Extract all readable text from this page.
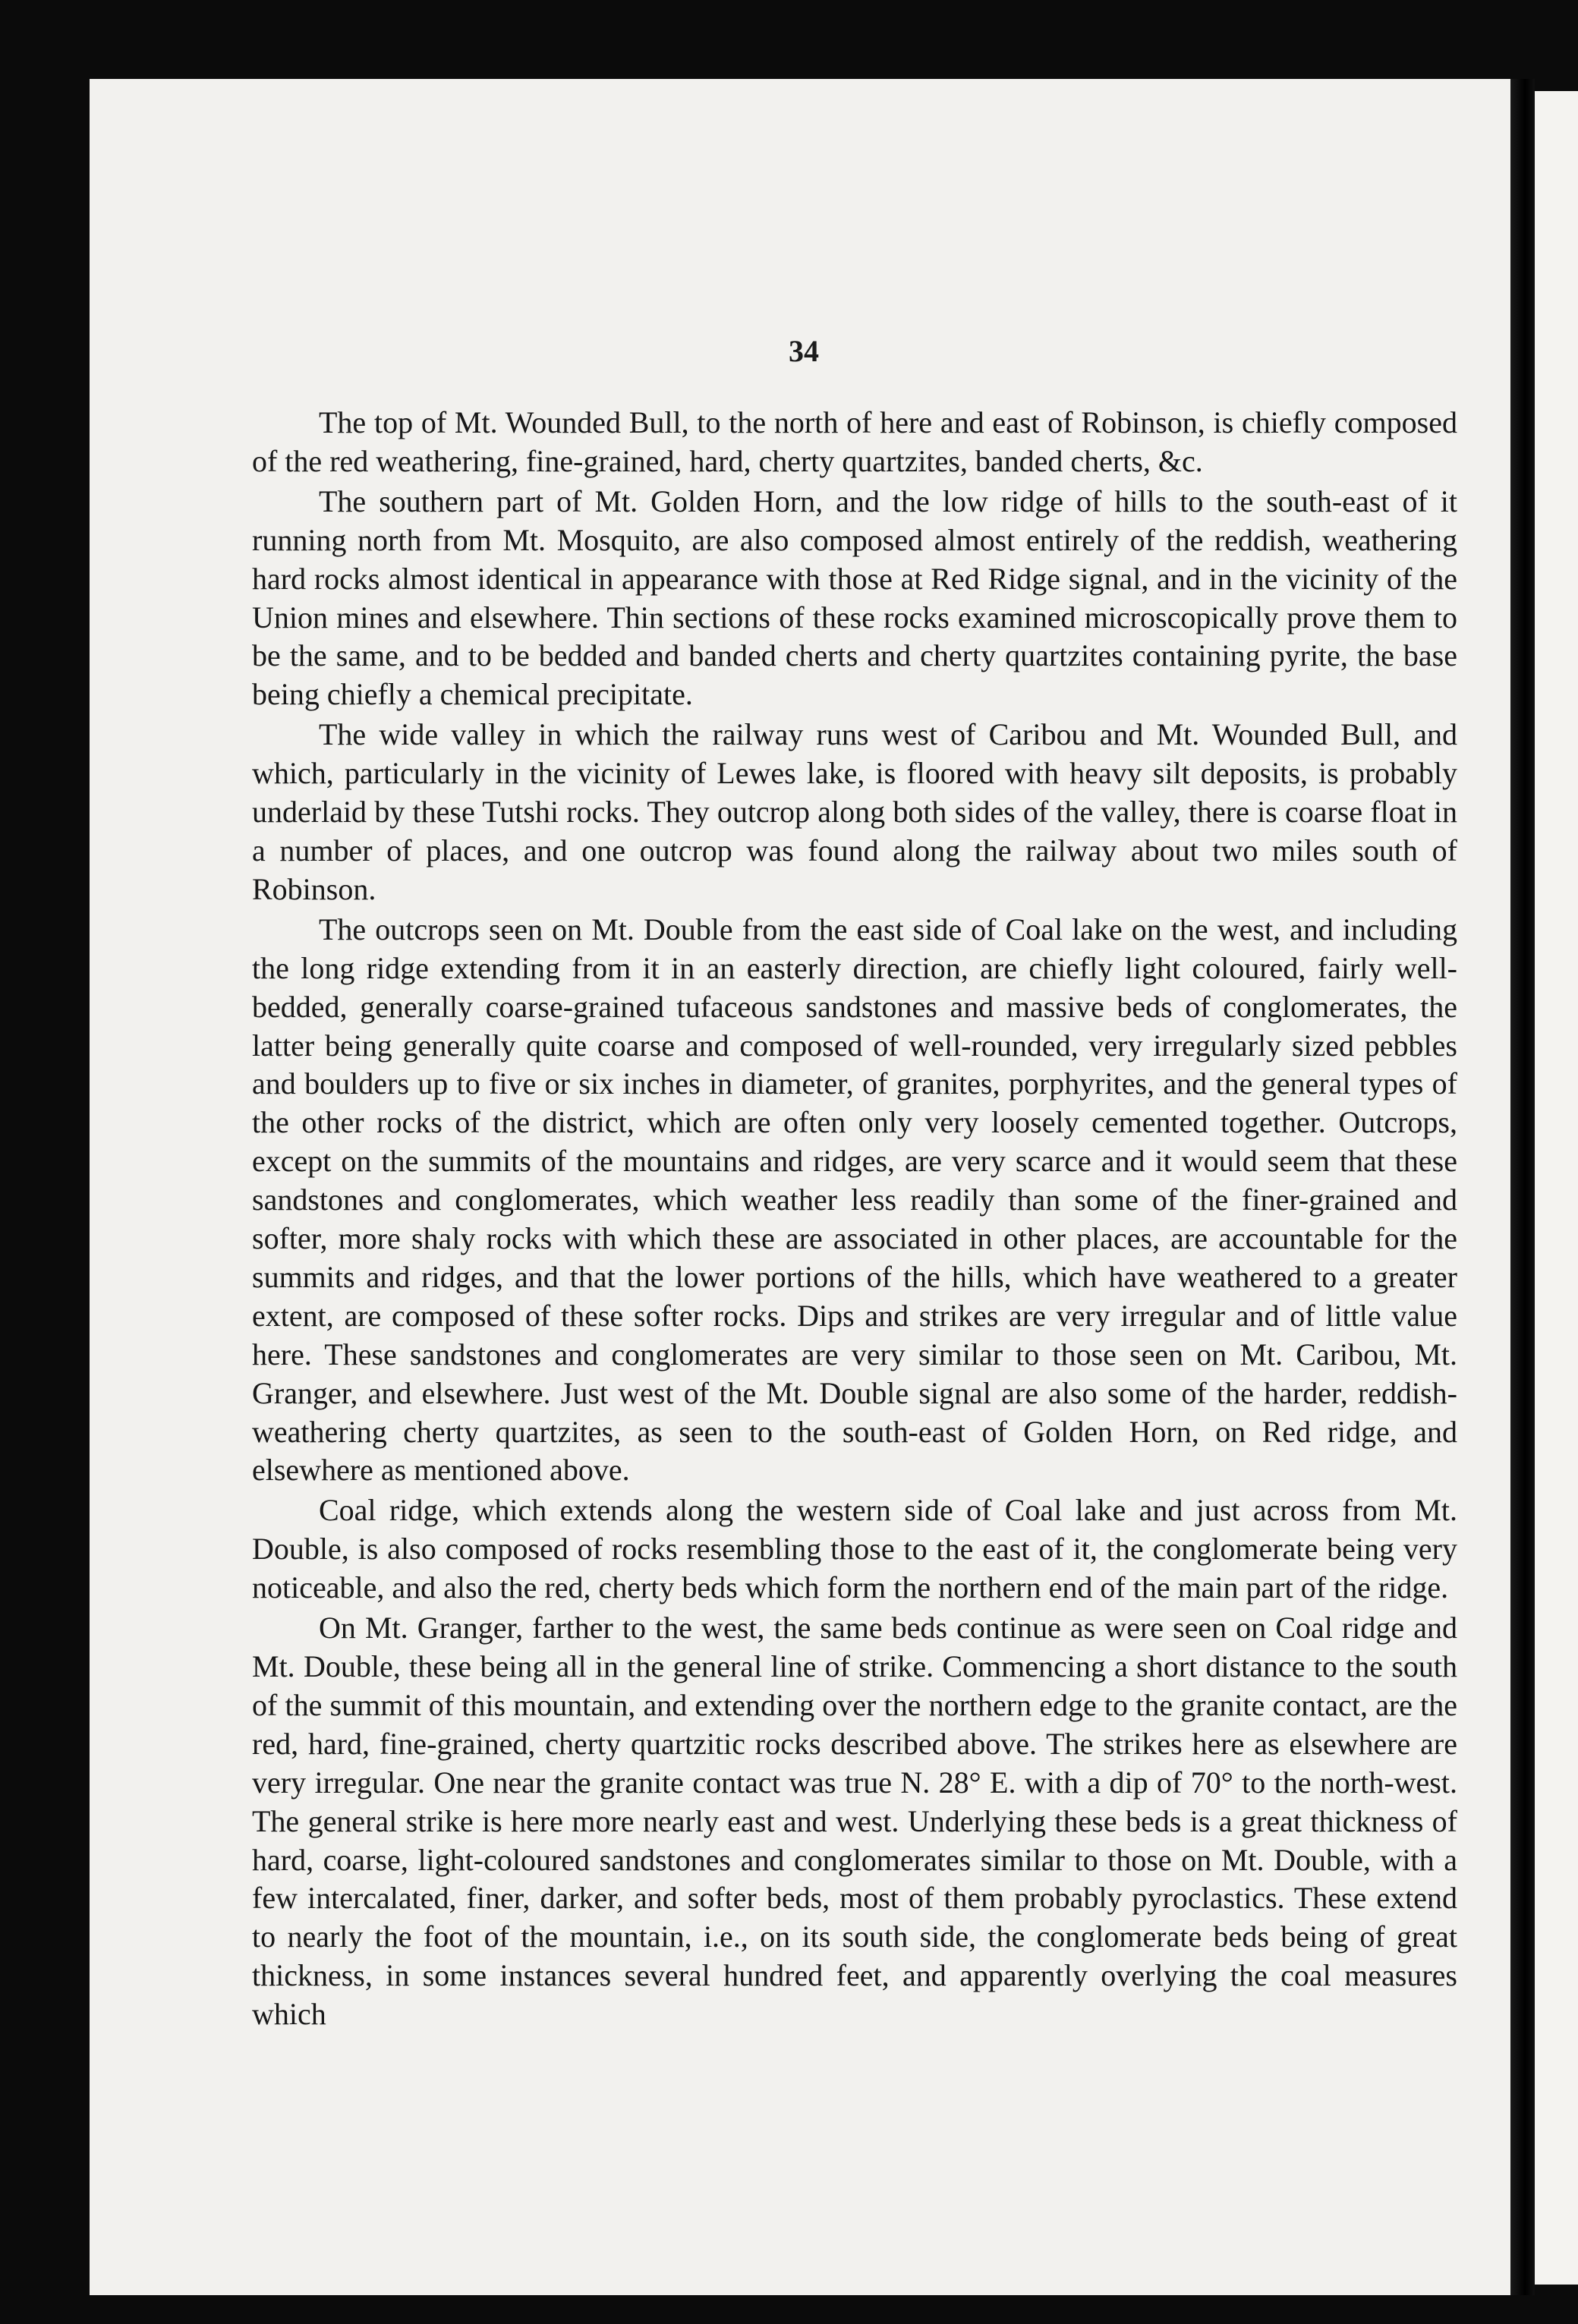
34

The top of Mt. Wounded Bull, to the north of here and east of Robinson, is chiefly composed of the red weathering, fine-grained, hard, cherty quartzites, banded cherts, &c.

The southern part of Mt. Golden Horn, and the low ridge of hills to the south-east of it running north from Mt. Mosquito, are also composed almost entirely of the reddish, weathering hard rocks almost identical in appearance with those at Red Ridge signal, and in the vicinity of the Union mines and elsewhere. Thin sections of these rocks examined microscopically prove them to be the same, and to be bedded and banded cherts and cherty quartzites containing pyrite, the base being chiefly a chemical precipitate.

The wide valley in which the railway runs west of Caribou and Mt. Wounded Bull, and which, particularly in the vicinity of Lewes lake, is floored with heavy silt deposits, is probably underlaid by these Tutshi rocks. They outcrop along both sides of the valley, there is coarse float in a number of places, and one outcrop was found along the railway about two miles south of Robinson.

The outcrops seen on Mt. Double from the east side of Coal lake on the west, and including the long ridge extending from it in an easterly direction, are chiefly light coloured, fairly well-bedded, generally coarse-grained tufaceous sandstones and massive beds of conglomerates, the latter being generally quite coarse and composed of well-rounded, very irregularly sized pebbles and boulders up to five or six inches in diameter, of granites, porphyrites, and the general types of the other rocks of the district, which are often only very loosely cemented together. Outcrops, except on the summits of the mountains and ridges, are very scarce and it would seem that these sandstones and conglomerates, which weather less readily than some of the finer-grained and softer, more shaly rocks with which these are associated in other places, are accountable for the summits and ridges, and that the lower portions of the hills, which have weathered to a greater extent, are composed of these softer rocks. Dips and strikes are very irregular and of little value here. These sandstones and conglomerates are very similar to those seen on Mt. Caribou, Mt. Granger, and elsewhere. Just west of the Mt. Double signal are also some of the harder, reddish-weathering cherty quartzites, as seen to the south-east of Golden Horn, on Red ridge, and elsewhere as mentioned above.

Coal ridge, which extends along the western side of Coal lake and just across from Mt. Double, is also composed of rocks resembling those to the east of it, the conglomerate being very noticeable, and also the red, cherty beds which form the northern end of the main part of the ridge.

On Mt. Granger, farther to the west, the same beds continue as were seen on Coal ridge and Mt. Double, these being all in the general line of strike. Commencing a short distance to the south of the summit of this mountain, and extending over the northern edge to the granite contact, are the red, hard, fine-grained, cherty quartzitic rocks described above. The strikes here as elsewhere are very irregular. One near the granite contact was true N. 28° E. with a dip of 70° to the north-west. The general strike is here more nearly east and west. Underlying these beds is a great thickness of hard, coarse, light-coloured sandstones and conglomerates similar to those on Mt. Double, with a few intercalated, finer, darker, and softer beds, most of them probably pyroclastics. These extend to nearly the foot of the mountain, i.e., on its south side, the conglomerate beds being of great thickness, in some instances several hundred feet, and apparently overlying the coal measures which
